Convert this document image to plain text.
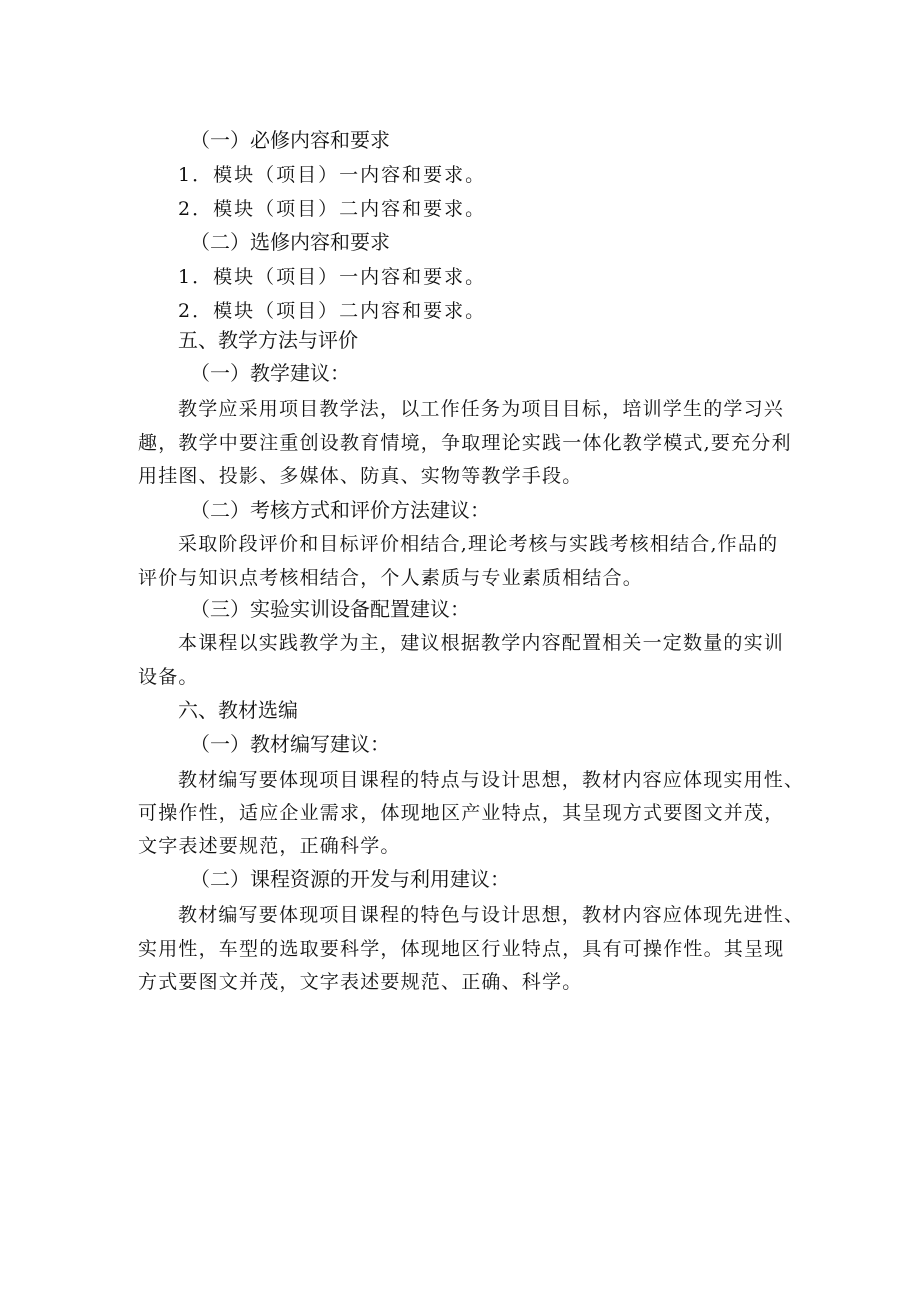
（一）必修内容和要求
1．模块（项目）一内容和要求。
2．模块（项目）二内容和要求。
（二）选修内容和要求
1．模块（项目）一内容和要求。
2．模块（项目）二内容和要求。
五、教学方法与评价
（一）教学建议：
教学应采用项目教学法，以工作任务为项目目标，培训学生的学习兴
趣，教学中要注重创设教育情境，争取理论实践一体化教学模式,要充分利
用挂图、投影、多媒体、防真、实物等教学手段。
（二）考核方式和评价方法建议：
采取阶段评价和目标评价相结合,理论考核与实践考核相结合,作品的
评价与知识点考核相结合，个人素质与专业素质相结合。
（三）实验实训设备配置建议：
本课程以实践教学为主，建议根据教学内容配置相关一定数量的实训
设备。
六、教材选编
（一）教材编写建议：
教材编写要体现项目课程的特点与设计思想，教材内容应体现实用性、
可操作性，适应企业需求，体现地区产业特点，其呈现方式要图文并茂，
文字表述要规范，正确科学。
（二）课程资源的开发与利用建议：
教材编写要体现项目课程的特色与设计思想，教材内容应体现先进性、
实用性，车型的选取要科学，体现地区行业特点，具有可操作性。其呈现
方式要图文并茂，文字表述要规范、正确、科学。
